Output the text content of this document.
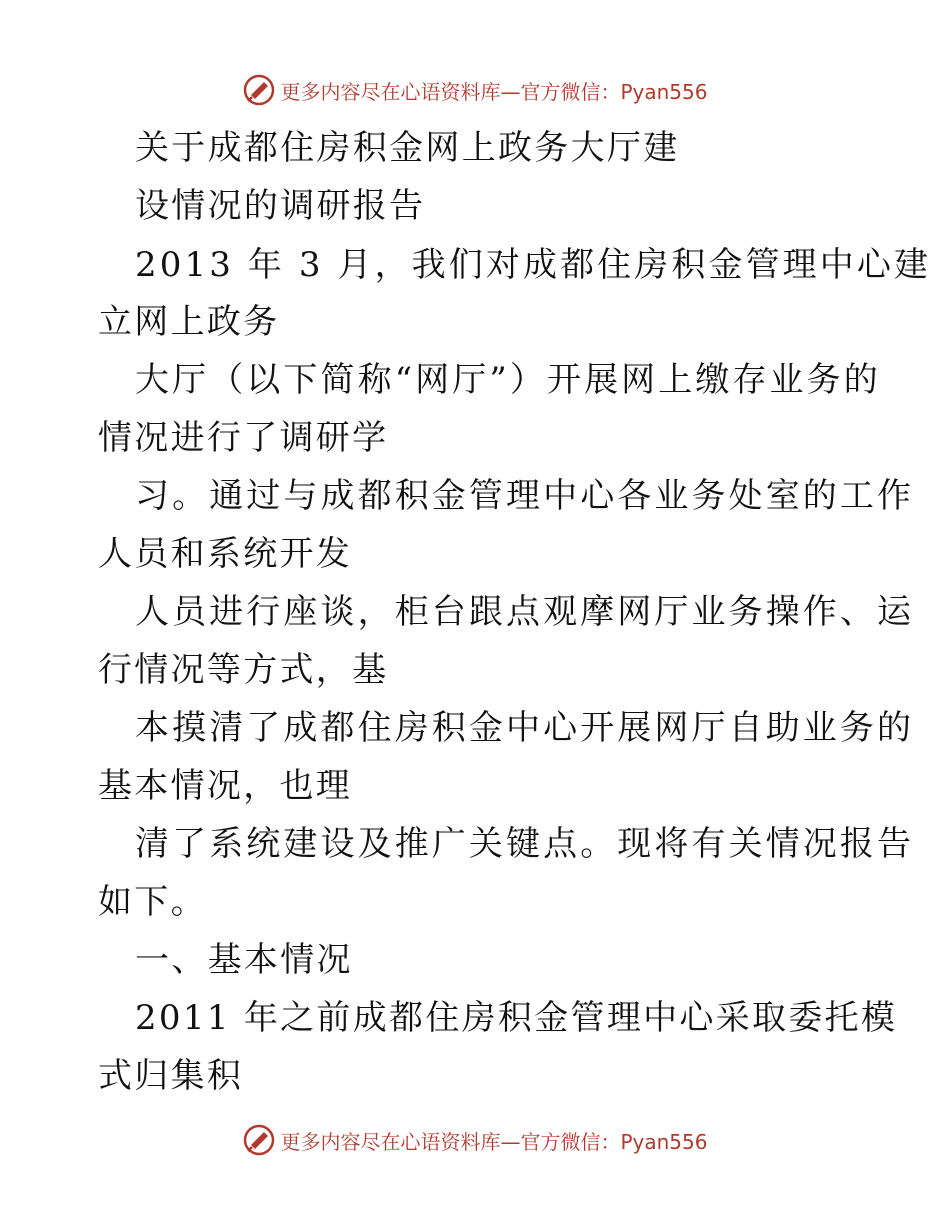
更多内容尽在心语资料库—官方微信：Pyan556
关于成都住房积金网上政务大厅建
设情况的调研报告
2013 年 3 月，我们对成都住房积金管理中心建
立网上政务
大厅（以下简称“网厅”）开展网上缴存业务的
情况进行了调研学
习。通过与成都积金管理中心各业务处室的工作
人员和系统开发
人员进行座谈，柜台跟点观摩网厅业务操作、运
行情况等方式，基
本摸清了成都住房积金中心开展网厅自助业务的
基本情况，也理
清了系统建设及推广关键点。现将有关情况报告
如下。
一、基本情况
2011 年之前成都住房积金管理中心采取委托模
式归集积
更多内容尽在心语资料库—官方微信：Pyan556
